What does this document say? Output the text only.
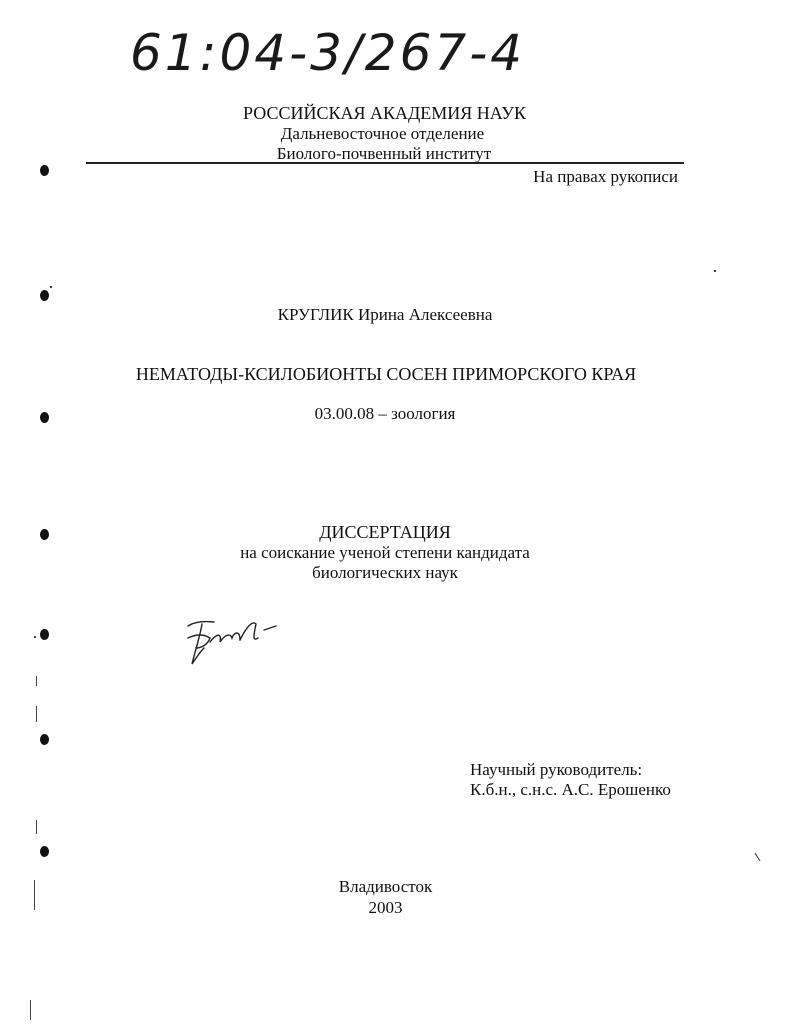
61:04-3/267-4
РОССИЙСКАЯ АКАДЕМИЯ НАУК
Дальневосточное отделение
Биолого-почвенный институт
На правах рукописи
КРУГЛИК Ирина Алексеевна
НЕМАТОДЫ-КСИЛОБИОНТЫ СОСЕН ПРИМОРСКОГО КРАЯ
03.00.08 – зоология
ДИССЕРТАЦИЯ
на соискание ученой степени кандидата
биологических наук
Научный руководитель:
К.б.н., с.н.с. А.С. Ерошенко
Владивосток
2003
